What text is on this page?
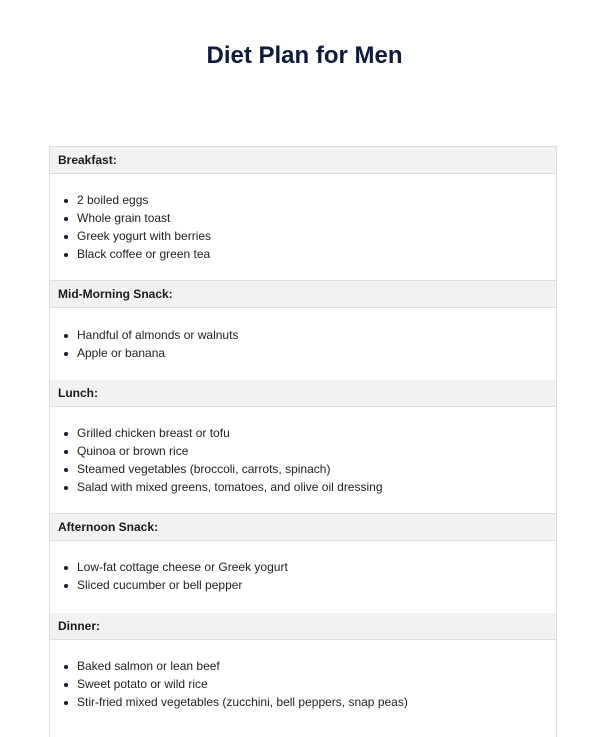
Diet Plan for Men
Breakfast:
2 boiled eggs
Whole grain toast
Greek yogurt with berries
Black coffee or green tea
Mid-Morning Snack:
Handful of almonds or walnuts
Apple or banana
Lunch:
Grilled chicken breast or tofu
Quinoa or brown rice
Steamed vegetables (broccoli, carrots, spinach)
Salad with mixed greens, tomatoes, and olive oil dressing
Afternoon Snack:
Low-fat cottage cheese or Greek yogurt
Sliced cucumber or bell pepper
Dinner:
Baked salmon or lean beef
Sweet potato or wild rice
Stir-fried mixed vegetables (zucchini, bell peppers, snap peas)
